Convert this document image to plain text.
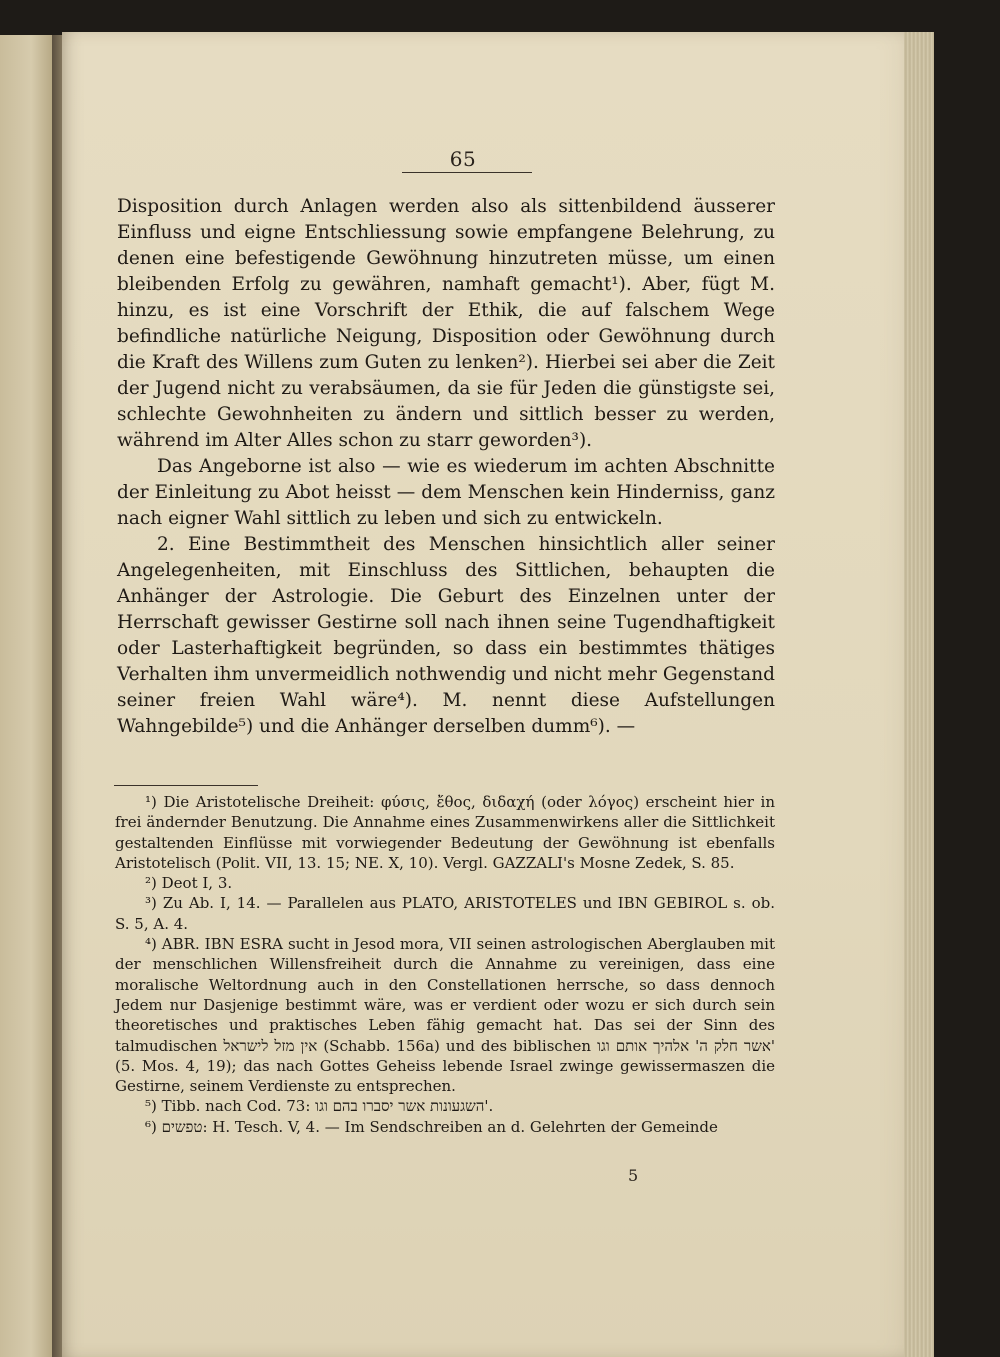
65

Disposition durch Anlagen werden also als sittenbildend äusserer Einfluss und eigne Entschliessung sowie empfangene Belehrung, zu denen eine befestigende Gewöhnung hinzutreten müsse, um einen bleibenden Erfolg zu gewähren, namhaft gemacht¹). Aber, fügt M. hinzu, es ist eine Vorschrift der Ethik, die auf falschem Wege befindliche natürliche Neigung, Disposition oder Gewöhnung durch die Kraft des Willens zum Guten zu lenken²). Hierbei sei aber die Zeit der Jugend nicht zu verabsäumen, da sie für Jeden die günstigste sei, schlechte Gewohnheiten zu ändern und sittlich besser zu werden, während im Alter Alles schon zu starr geworden³).

Das Angeborne ist also — wie es wiederum im achten Abschnitte der Einleitung zu Abot heisst — dem Menschen kein Hinderniss, ganz nach eigner Wahl sittlich zu leben und sich zu entwickeln.

2. Eine Bestimmtheit des Menschen hinsichtlich aller seiner Angelegenheiten, mit Einschluss des Sittlichen, behaupten die Anhänger der Astrologie. Die Geburt des Einzelnen unter der Herrschaft gewisser Gestirne soll nach ihnen seine Tugendhaftigkeit oder Lasterhaftigkeit begründen, so dass ein bestimmtes thätiges Verhalten ihm unvermeidlich nothwendig und nicht mehr Gegenstand seiner freien Wahl wäre⁴). M. nennt diese Aufstellungen Wahngebilde⁵) und die Anhänger derselben dumm⁶). —

¹) Die Aristotelische Dreiheit: φύσις, ἔθος, διδαχή (oder λόγος) erscheint hier in frei ändernder Benutzung. Die Annahme eines Zusammenwirkens aller die Sittlichkeit gestaltenden Einflüsse mit vorwiegender Bedeutung der Gewöhnung ist ebenfalls Aristotelisch (Polit. VII, 13. 15; NE. X, 10). Vergl. GAZZALI's Mosne Zedek, S. 85.

²) Deot I, 3.

³) Zu Ab. I, 14. — Parallelen aus PLATO, ARISTOTELES und IBN GEBIROL s. ob. S. 5, A. 4.

⁴) ABR. IBN ESRA sucht in Jesod mora, VII seinen astrologischen Aberglauben mit der menschlichen Willensfreiheit durch die Annahme zu vereinigen, dass eine moralische Weltordnung auch in den Constellationen herrsche, so dass dennoch Jedem nur Dasjenige bestimmt wäre, was er verdient oder wozu er sich durch sein theoretisches und praktisches Leben fähig gemacht hat. Das sei der Sinn des talmudischen אין מזל לישראל (Schabb. 156a) und des biblischen אשר חלק ה' אלהיך אותם וגו' (5. Mos. 4, 19); das nach Gottes Geheiss lebende Israel zwinge gewissermaszen die Gestirne, seinem Verdienste zu entsprechen.

⁵) Tibb. nach Cod. 73: השגעונות אשר יסברו בהם וגו'.

⁶) טפשים: H. Tesch. V, 4. — Im Sendschreiben an d. Gelehrten der Gemeinde

5
